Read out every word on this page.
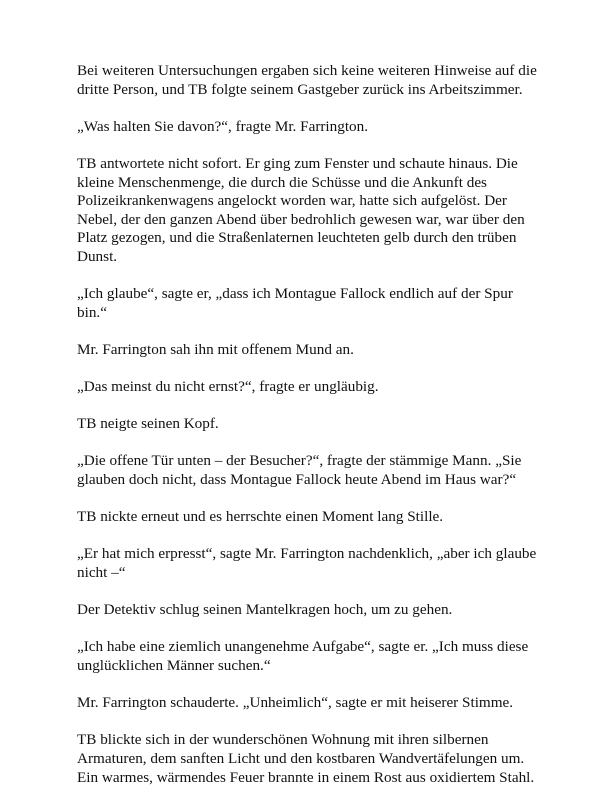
Bei weiteren Untersuchungen ergaben sich keine weiteren Hinweise auf die dritte Person, und TB folgte seinem Gastgeber zurück ins Arbeitszimmer.

„Was halten Sie davon?“, fragte Mr. Farrington.

TB antwortete nicht sofort. Er ging zum Fenster und schaute hinaus. Die kleine Menschenmenge, die durch die Schüsse und die Ankunft des Polizeikrankenwagens angelockt worden war, hatte sich aufgelöst. Der Nebel, der den ganzen Abend über bedrohlich gewesen war, war über den Platz gezogen, und die Straßenlaternen leuchteten gelb durch den trüben Dunst.

„Ich glaube“, sagte er, „dass ich Montague Fallock endlich auf der Spur bin.“

Mr. Farrington sah ihn mit offenem Mund an.

„Das meinst du nicht ernst?“, fragte er ungläubig.

TB neigte seinen Kopf.

„Die offene Tür unten – der Besucher?“, fragte der stämmige Mann. „Sie glauben doch nicht, dass Montague Fallock heute Abend im Haus war?“

TB nickte erneut und es herrschte einen Moment lang Stille.

„Er hat mich erpresst“, sagte Mr. Farrington nachdenklich, „aber ich glaube nicht –“

Der Detektiv schlug seinen Mantelkragen hoch, um zu gehen.

„Ich habe eine ziemlich unangenehme Aufgabe“, sagte er. „Ich muss diese unglücklichen Männer suchen.“

Mr. Farrington schauderte. „Unheimlich“, sagte er mit heiserer Stimme.

TB blickte sich in der wunderschönen Wohnung mit ihren silbernen Armaturen, dem sanften Licht und den kostbaren Wandvertäfelungen um. Ein warmes, wärmendes Feuer brannte in einem Rost aus oxidiertem Stahl.
